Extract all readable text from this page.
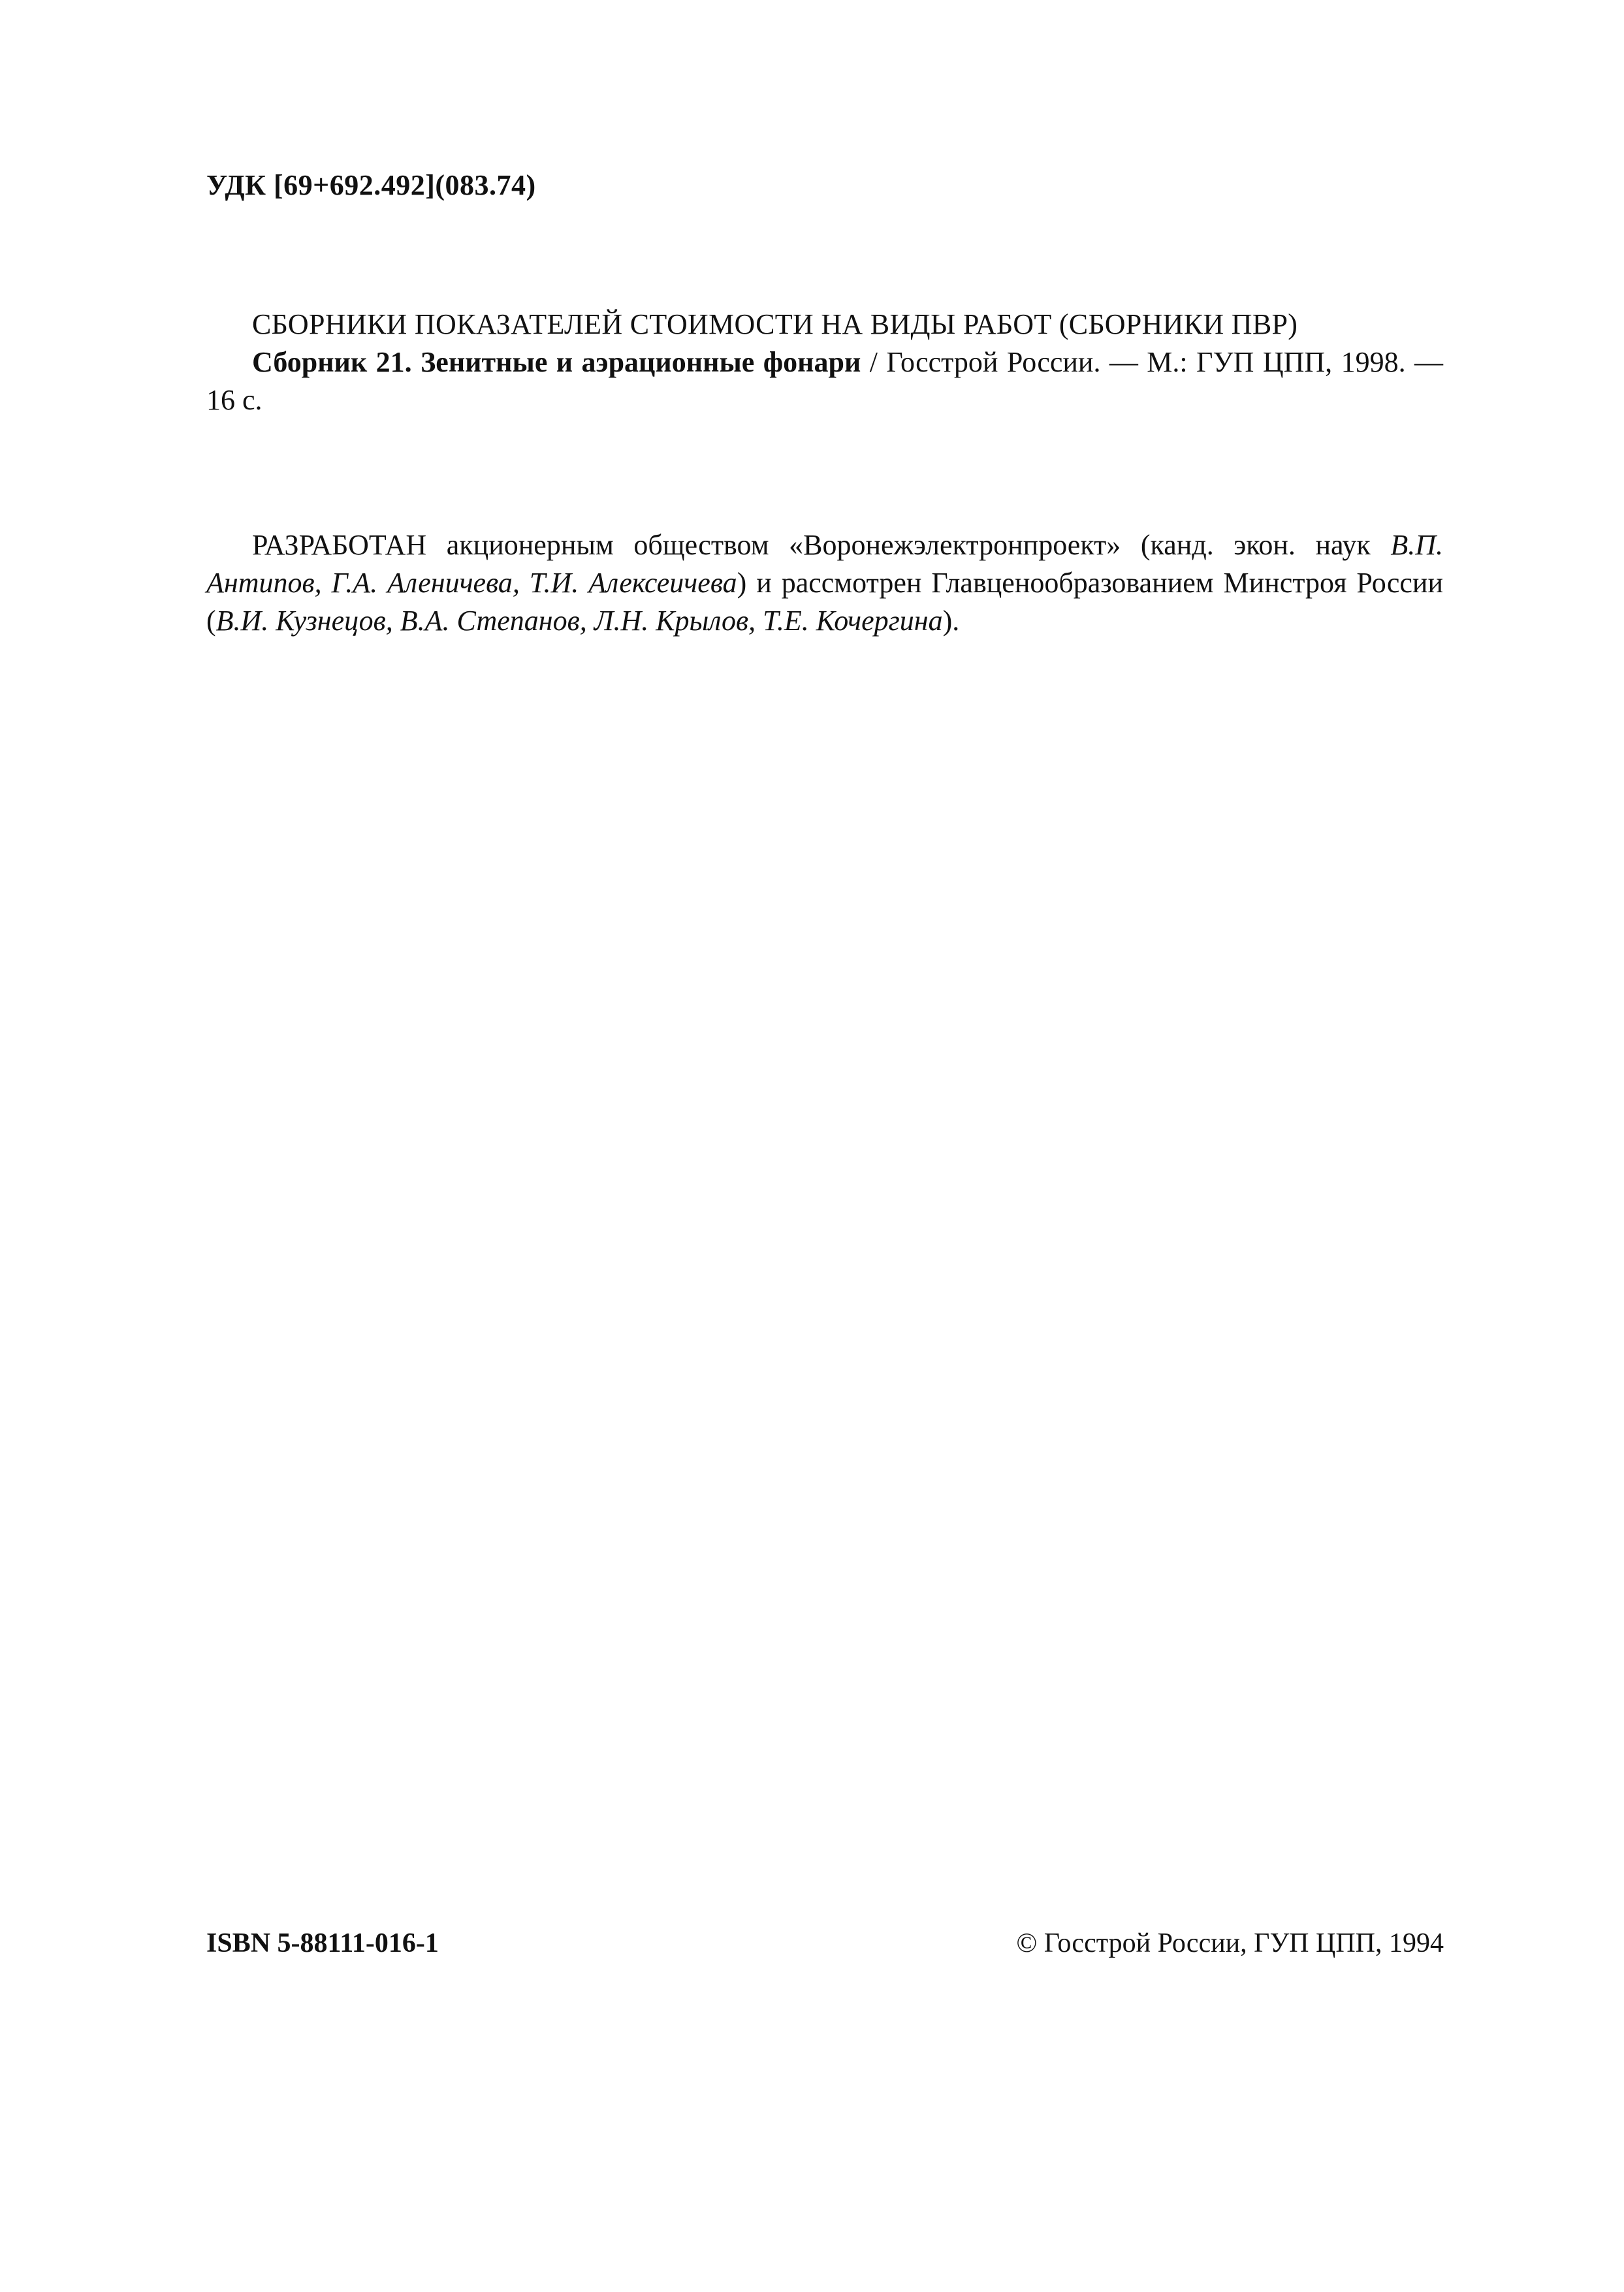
УДК [69+692.492](083.74)
СБОРНИКИ ПОКАЗАТЕЛЕЙ СТОИМОСТИ НА ВИДЫ РАБОТ (СБОРНИКИ ПВР)
Сборник 21. Зенитные и аэрационные фонари / Госстрой России. — М.: ГУП ЦПП, 1998. — 16 с.
РАЗРАБОТАН акционерным обществом «Воронежэлектронпроект» (канд. экон. наук В.П. Антипов, Г.А. Аленичева, Т.И. Алексеичева) и рассмотрен Главценообразованием Минстроя России (В.И. Кузнецов, В.А. Степанов, Л.Н. Крылов, Т.Е. Кочергина).
ISBN 5-88111-016-1	© Госстрой России, ГУП ЦПП, 1994
